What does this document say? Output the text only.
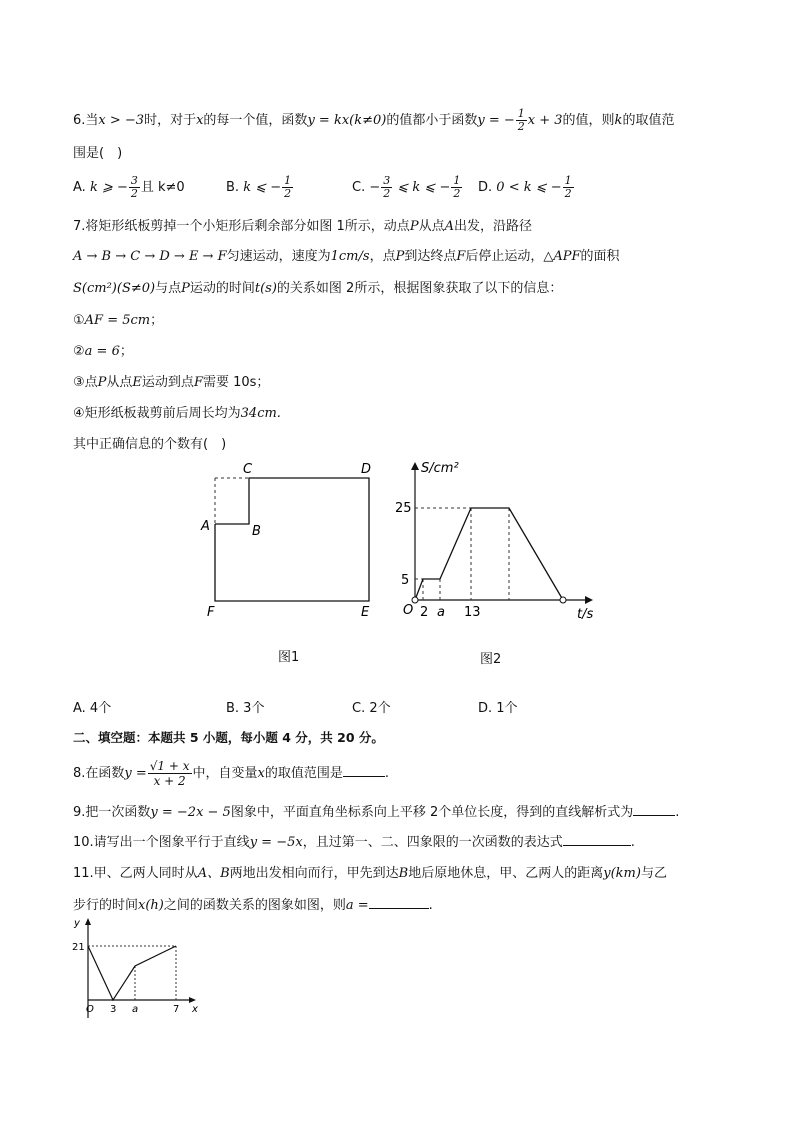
6.当x > −3时，对于x的每一个值，函数y = kx(k≠0)的值都小于函数y = − $\frac{1}{2}$ x + 3的值，则k的取值范
围是(　)
A. k ⩾ − $\frac{3}{2}$ 且 k≠0	B. k ⩽ − $\frac{1}{2}$	C. − $\frac{3}{2}$ ⩽ k ⩽ − $\frac{1}{2} D$. 0 < k ⩽ − $\frac{1}{2}$
7.将矩形纸板剪掉一个小矩形后剩余部分如图 1所示，动点P从点A出发，沿路径
A → B → C → D → E → F匀速运动，速度为1cm/s，点P到达终点F后停止运动，△APF的面积
S(cm²)(S≠0)与点P运动的时间t(s)的关系如图 2所示，根据图象获取了以下的信息：
①AF = 5cm；
②a = 6；
③点P从点E运动到点F需要 10s；
④矩形纸板裁剪前后周长均为34cm.
其中正确信息的个数有(　)
A	B
C	D
E
F
图1
S/cm²
t/s
O
25
5
2 a 13
图2
A. 4个	B. 3个	C. 2个	D. 1个
二、填空题：本题共 5 小题，每小题 4 分，共 20 分。
8.在函数$y = \frac{√1 + x}{x + 2}$ 中，自变量x的取值范围是	.
9.把一次函数y = −2x − 5图象中，平面直角坐标系向上平移 2个单位长度，得到的直线解析式为	.
10.请写出一个图象平行于直线y = −5x，且过第一、二、四象限的一次函数的表达式	.
11.甲、乙两人同时从A、B两地出发相向而行，甲先到达B地后原地休息，甲、乙两人的距离y(km)与乙
步行的时间x(h)之间的函数关系的图象如图，则a =	.
y
x
O
21
3 a	7
